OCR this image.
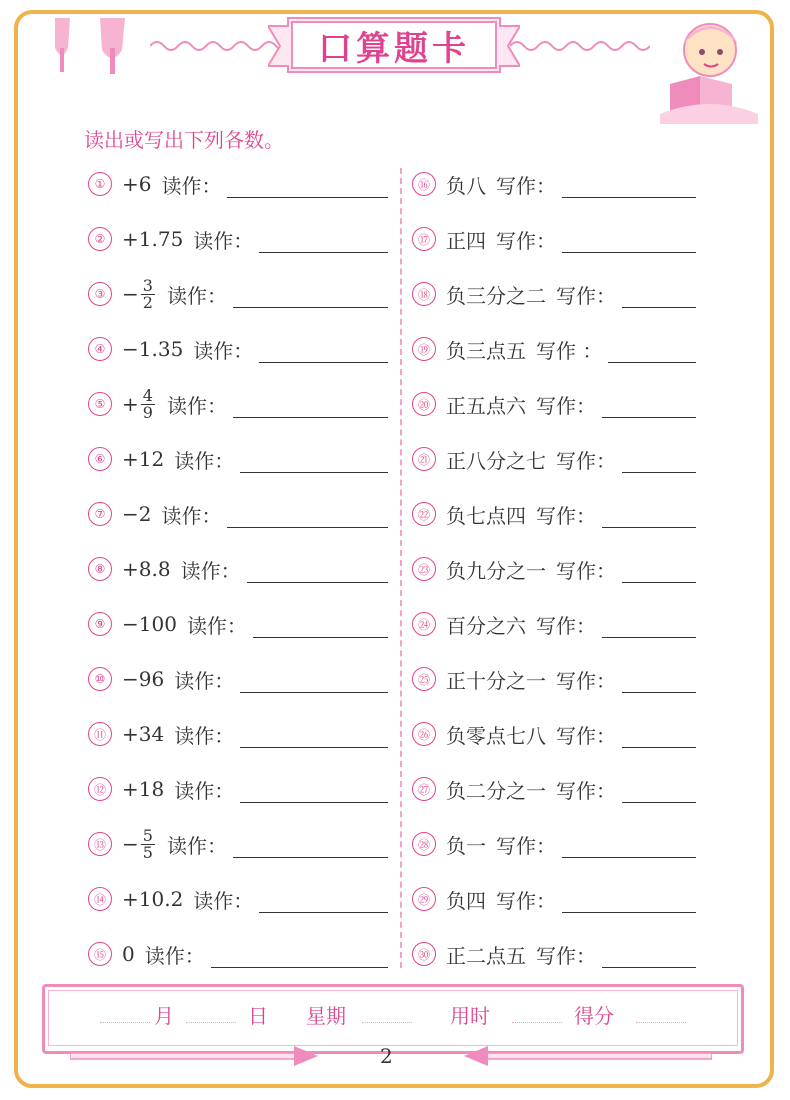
口算题卡
读出或写出下列各数。
① +6 读作：
② +1.75 读作：
③ − $\frac{3}{2}$ 读作：
④ −1.35 读作：
⑤ + $\frac{4}{9}$ 读作：
⑥ +12 读作：
⑦ −2 读作：
⑧ +8.8 读作：
⑨ −100 读作：
⑩ −96 读作：
⑪ +34 读作：
⑫ +18 读作：
⑬ − $\frac{5}{5}$ 读作：
⑭ +10.2 读作：
⑮ 0 读作：
⑯ 负八 写作：
⑰ 正四 写作：
⑱ 负三分之二 写作：
⑲ 负三点五 写作 ：
⑳ 正五点六 写作：
㉑ 正八分之七 写作：
㉒ 负七点四 写作：
㉓ 负九分之一 写作：
㉔ 百分之六 写作：
㉕ 正十分之一 写作：
㉖ 负零点七八 写作：
㉗ 负二分之一 写作：
㉘ 负一 写作：
㉙ 负四 写作：
㉚ 正二点五 写作：
月	日 星期	用时	得分
2
